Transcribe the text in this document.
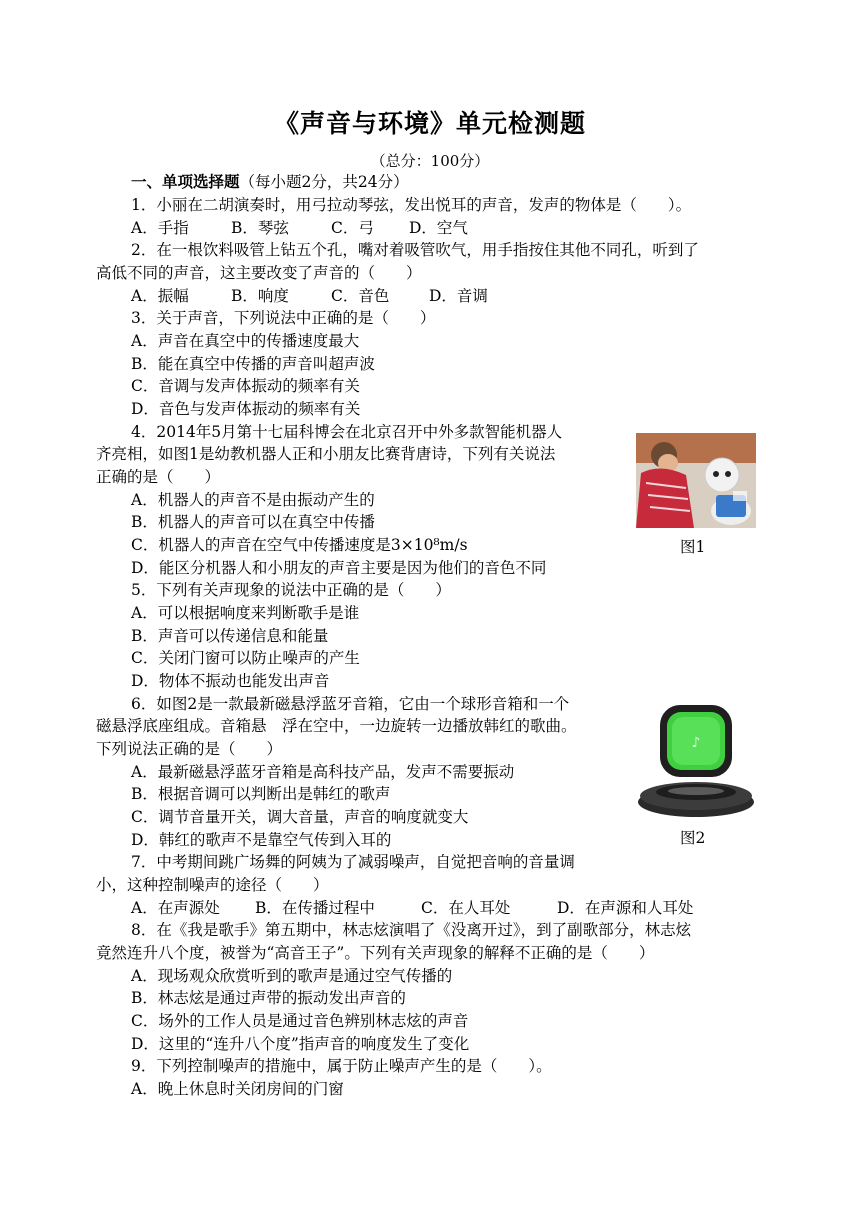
《声音与环境》单元检测题
（总分：100分）
一、单项选择题（每小题2分，共24分）
1．小丽在二胡演奏时，用弓拉动琴弦，发出悦耳的声音，发声的物体是（　　）。
A．手指	B．琴弦	C．弓 D．空气
2．在一根饮料吸管上钻五个孔，嘴对着吸管吹气，用手指按住其他不同孔，听到了
高低不同的声音，这主要改变了声音的（　　）
A．振幅	B．响度	C．音色	D．音调
3．关于声音，下列说法中正确的是（　　）
A．声音在真空中的传播速度最大
B．能在真空中传播的声音叫超声波
C．音调与发声体振动的频率有关
D．音色与发声体振动的频率有关
4．2014年5月第十七届科博会在北京召开中外多款智能机器人
齐亮相，如图1是幼教机器人正和小朋友比赛背唐诗，下列有关说法
正确的是（　　）
A．机器人的声音不是由振动产生的
B．机器人的声音可以在真空中传播
C．机器人的声音在空气中传播速度是3×10⁸m/s
D．能区分机器人和小朋友的声音主要是因为他们的音色不同
图1
5．下列有关声现象的说法中正确的是（　　）
A．可以根据响度来判断歌手是谁
B．声音可以传递信息和能量
C．关闭门窗可以防止噪声的产生
D．物体不振动也能发出声音
6．如图2是一款最新磁悬浮蓝牙音箱，它由一个球形音箱和一个
磁悬浮底座组成。音箱悬　浮在空中，一边旋转一边播放韩红的歌曲。
下列说法正确的是（　　）
A．最新磁悬浮蓝牙音箱是高科技产品，发声不需要振动
B．根据音调可以判断出是韩红的歌声
C．调节音量开关，调大音量，声音的响度就变大
D．韩红的歌声不是靠空气传到入耳的
♪
图2
7．中考期间跳广场舞的阿姨为了减弱噪声，自觉把音响的音量调
小，这种控制噪声的途径（　　）
A．在声源处 B．在传播过程中	C．在人耳处	D．在声源和人耳处
8．在《我是歌手》第五期中，林志炫演唱了《没离开过》，到了副歌部分，林志炫
竟然连升八个度，被誉为“高音王子”。下列有关声现象的解释不正确的是（　　）
A．现场观众欣赏听到的歌声是通过空气传播的
B．林志炫是通过声带的振动发出声音的
C．场外的工作人员是通过音色辨别林志炫的声音
D．这里的“连升八个度”指声音的响度发生了变化
9．下列控制噪声的措施中，属于防止噪声产生的是（　　）。
A．晚上休息时关闭房间的门窗
